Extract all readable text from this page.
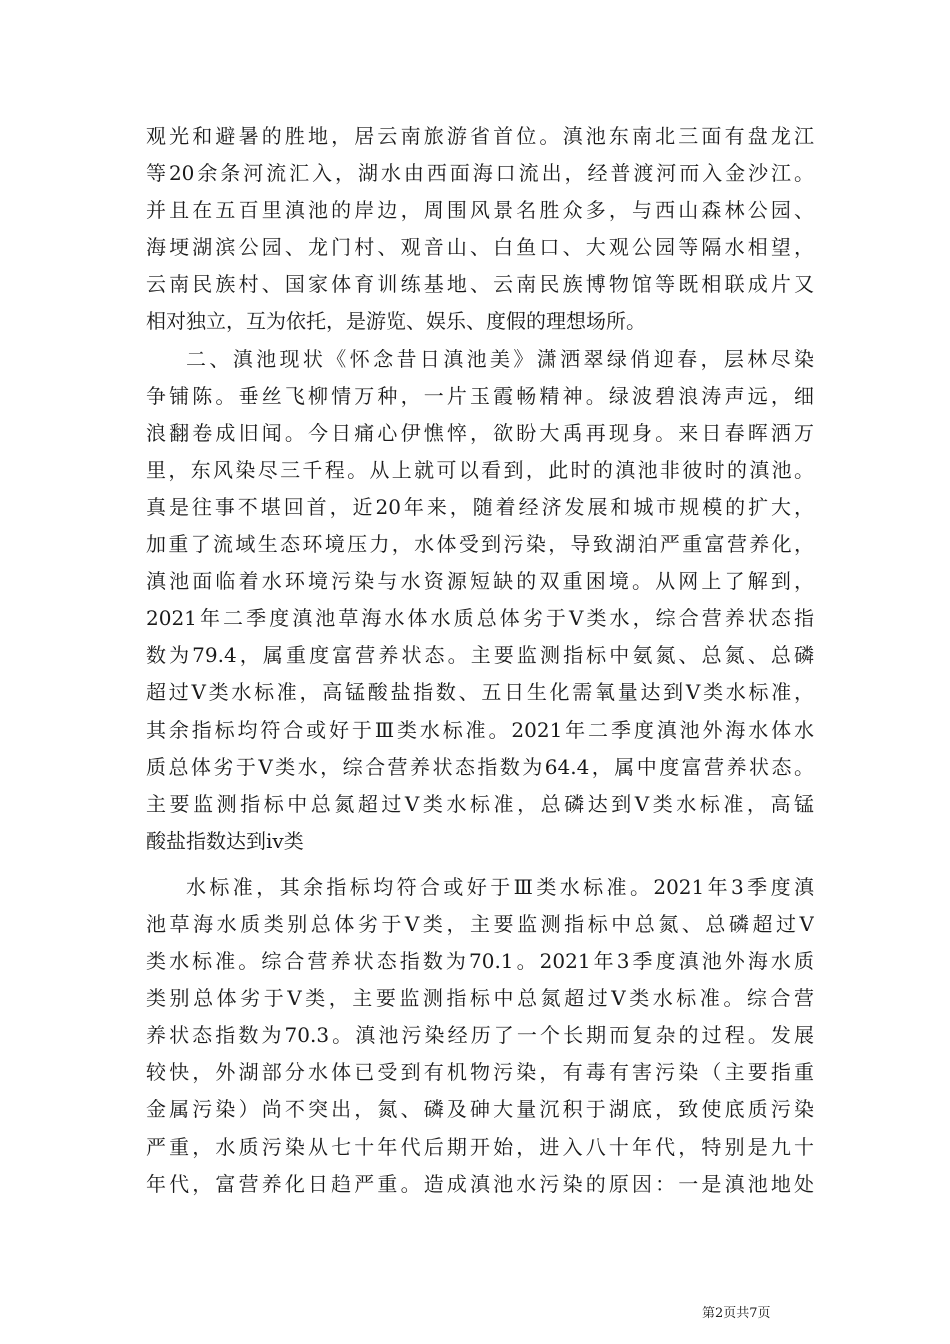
观光和避暑的胜地，居云南旅游省首位。滇池东南北三面有盘龙江
等20余条河流汇入，湖水由西面海口流出，经普渡河而入金沙江。
并且在五百里滇池的岸边，周围风景名胜众多，与西山森林公园、
海埂湖滨公园、龙门村、观音山、白鱼口、大观公园等隔水相望，
云南民族村、国家体育训练基地、云南民族博物馆等既相联成片又
相对独立，互为依托，是游览、娱乐、度假的理想场所。
二、滇池现状《怀念昔日滇池美》潇洒翠绿俏迎春，层林尽染
争铺陈。垂丝飞柳情万种，一片玉霞畅精神。绿波碧浪涛声远，细
浪翻卷成旧闻。今日痛心伊憔悴，欲盼大禹再现身。来日春晖洒万
里，东风染尽三千程。从上就可以看到，此时的滇池非彼时的滇池。
真是往事不堪回首，近20年来，随着经济发展和城市规模的扩大，
加重了流域生态环境压力，水体受到污染，导致湖泊严重富营养化，
滇池面临着水环境污染与水资源短缺的双重困境。从网上了解到，
2021年二季度滇池草海水体水质总体劣于Ⅴ类水，综合营养状态指
数为79.4，属重度富营养状态。主要监测指标中氨氮、总氮、总磷
超过Ⅴ类水标准，高锰酸盐指数、五日生化需氧量达到Ⅴ类水标准，
其余指标均符合或好于Ⅲ类水标准。2021年二季度滇池外海水体水
质总体劣于Ⅴ类水，综合营养状态指数为64.4，属中度富营养状态。
主要监测指标中总氮超过Ⅴ类水标准，总磷达到Ⅴ类水标准，高锰
酸盐指数达到ⅳ类
水标准，其余指标均符合或好于Ⅲ类水标准。2021年3季度滇
池草海水质类别总体劣于Ⅴ类，主要监测指标中总氮、总磷超过Ⅴ
类水标准。综合营养状态指数为70.1。2021年3季度滇池外海水质
类别总体劣于Ⅴ类，主要监测指标中总氮超过Ⅴ类水标准。综合营
养状态指数为70.3。滇池污染经历了一个长期而复杂的过程。发展
较快，外湖部分水体已受到有机物污染，有毒有害污染（主要指重
金属污染）尚不突出，氮、磷及砷大量沉积于湖底，致使底质污染
严重，水质污染从七十年代后期开始，进入八十年代，特别是九十
年代，富营养化日趋严重。造成滇池水污染的原因：一是滇池地处
第2页共7页
